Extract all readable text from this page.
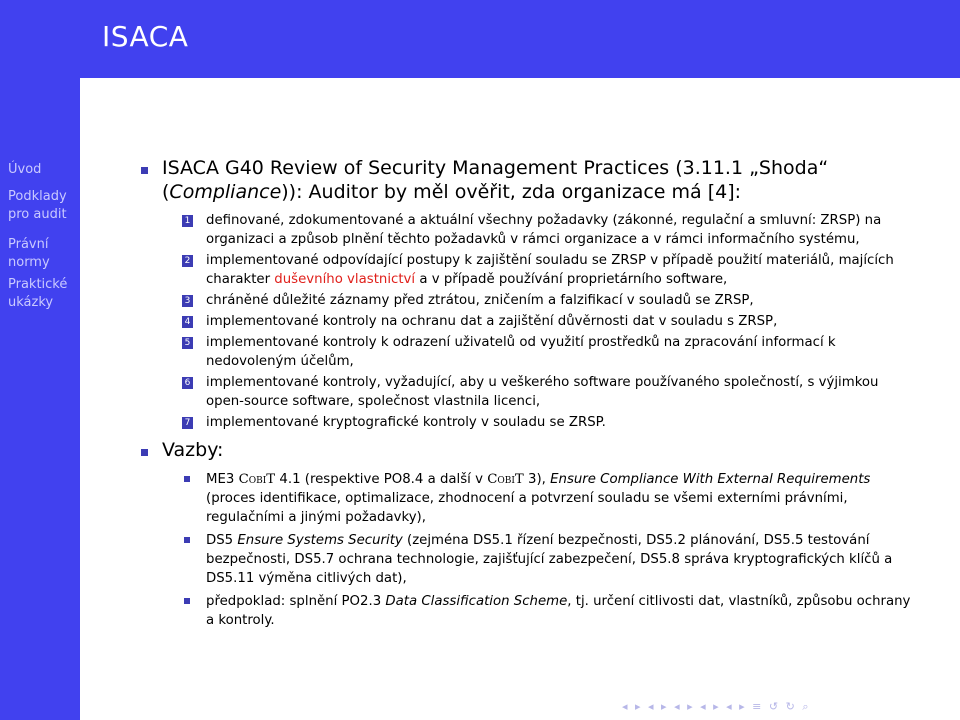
ISACA
Úvod
Podklady pro audit
Právní normy
Praktické ukázky
ISACA G40 Review of Security Management Practices (3.11.1 „Shoda“ (Compliance)): Auditor by měl ověřit, zda organizace má [4]:
1 definované, zdokumentované a aktuální všechny požadavky (zákonné, regulační a smluvní: ZRSP) na organizaci a způsob plnění těchto požadavků v rámci organizace a v rámci informačního systému,
2 implementované odpovídající postupy k zajištění souladu se ZRSP v případě použití materiálů, majících charakter duševního vlastnictví a v případě používání proprietárního software,
3 chráněné důležité záznamy před ztrátou, zničením a falzifikací v souladů se ZRSP,
4 implementované kontroly na ochranu dat a zajištění důvěrnosti dat v souladu s ZRSP,
5 implementované kontroly k odrazení uživatelů od využití prostředků na zpracování informací k nedovoleným účelům,
6 implementované kontroly, vyžadující, aby u veškerého software používaného společností, s výjimkou open-source software, společnost vlastnila licenci,
7 implementované kryptografické kontroly v souladu se ZRSP.
Vazby:
ME3 CobiT 4.1 (respektive PO8.4 a další v CobiT 3), Ensure Compliance With External Requirements (proces identifikace, optimalizace, zhodnocení a potvrzení souladu se všemi externími právními, regulačními a jinými požadavky),
DS5 Ensure Systems Security (zejména DS5.1 řízení bezpečnosti, DS5.2 plánování, DS5.5 testování bezpečnosti, DS5.7 ochrana technologie, zajišťující zabezpečení, DS5.8 správa kryptografických klíčů a DS5.11 výměna citlivých dat),
předpoklad: splnění PO2.3 Data Classification Scheme, tj. určení citlivosti dat, vlastníků, způsobu ochrany a kontroly.
◂ ▸ ◂ ▸ ◂ ▸ ◂ ▸ ◂ ▸ ≡ ↺ ↻ ⌕
